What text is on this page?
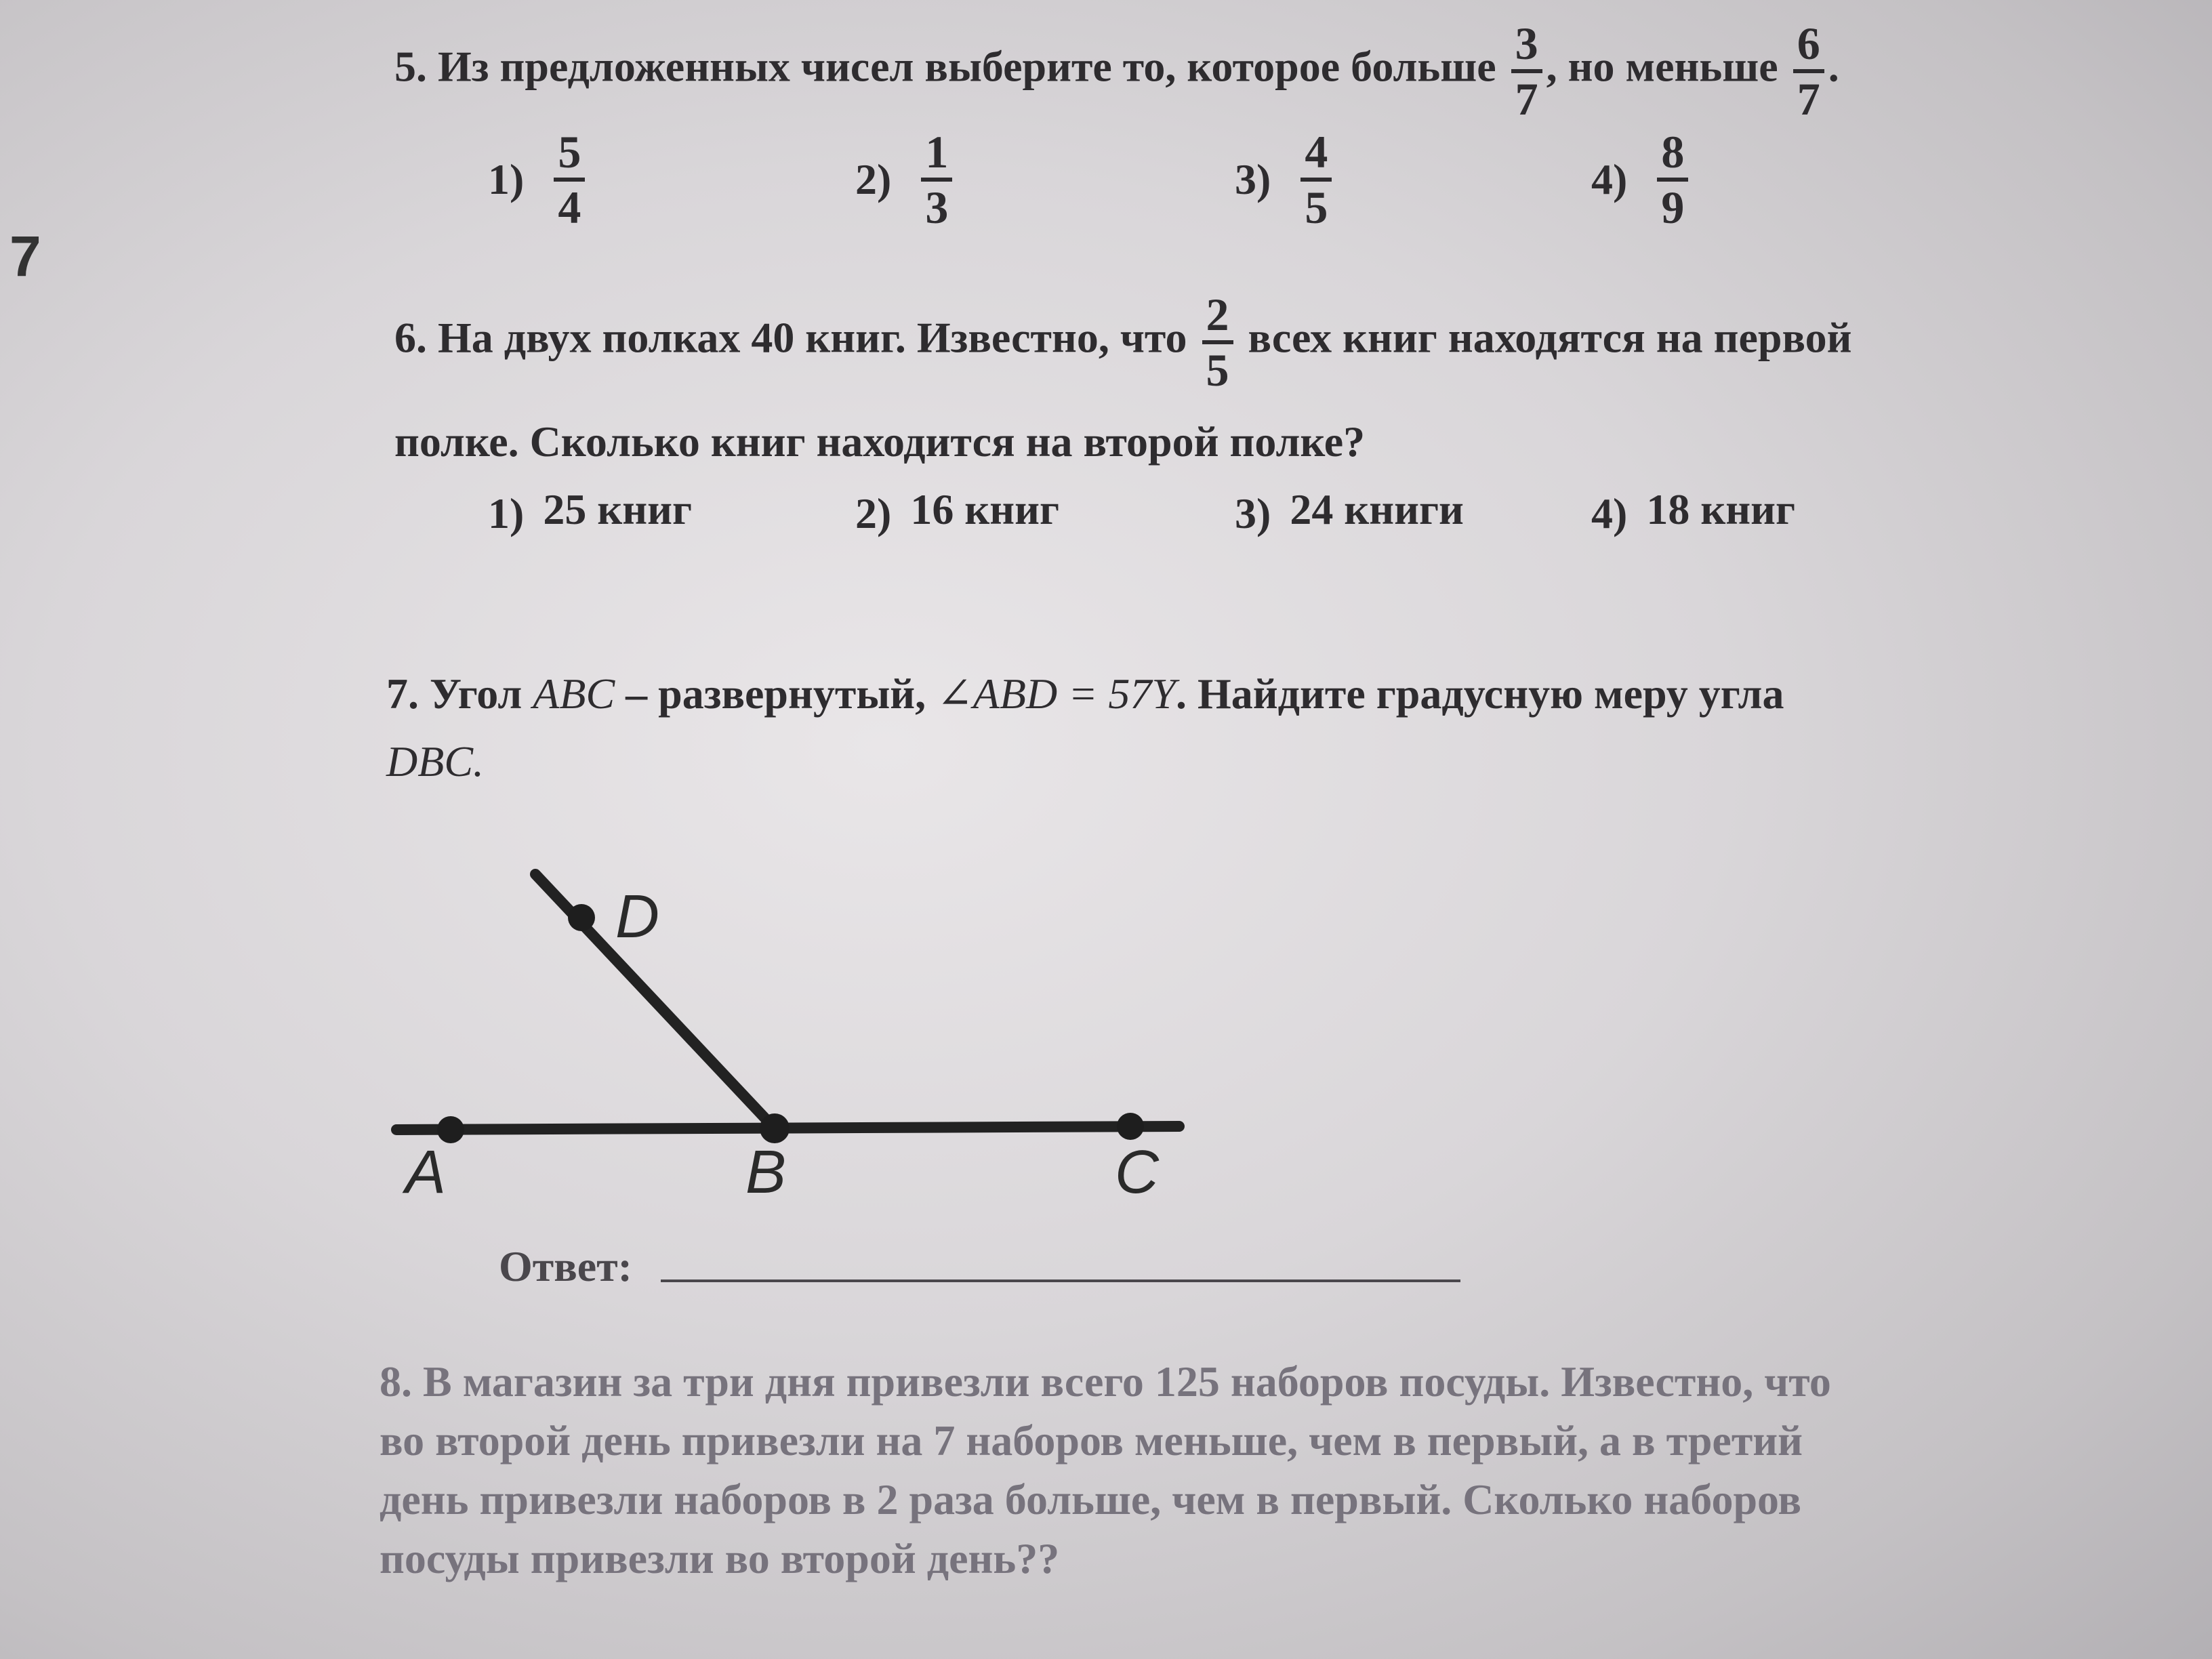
7
5. Из предложенных чисел выберите то, которое больше 3
7
, но меньше 6
7
.
1)
5
4
2)
1
3
3)
4
5
4)
8
9
6. На двух полках 40 книг. Известно, что 2
5
всех книг находятся на первой
полке. Сколько книг находится на второй полке?
1) 25 книг	2) 16 книг	3) 24 книги	4) 18 книг
7. Угол ABC – развернутый, ∠ABD = 57Υ. Найдите градусную меру угла
DBC.
A	B	C
D
Ответ:
8. В магазин за три дня привезли всего 125 наборов посуды. Известно, что
во второй день привезли на 7 наборов меньше, чем в первый, а в третий
день привезли наборов в 2 раза больше, чем в первый. Сколько наборов
посуды привезли во второй день??
